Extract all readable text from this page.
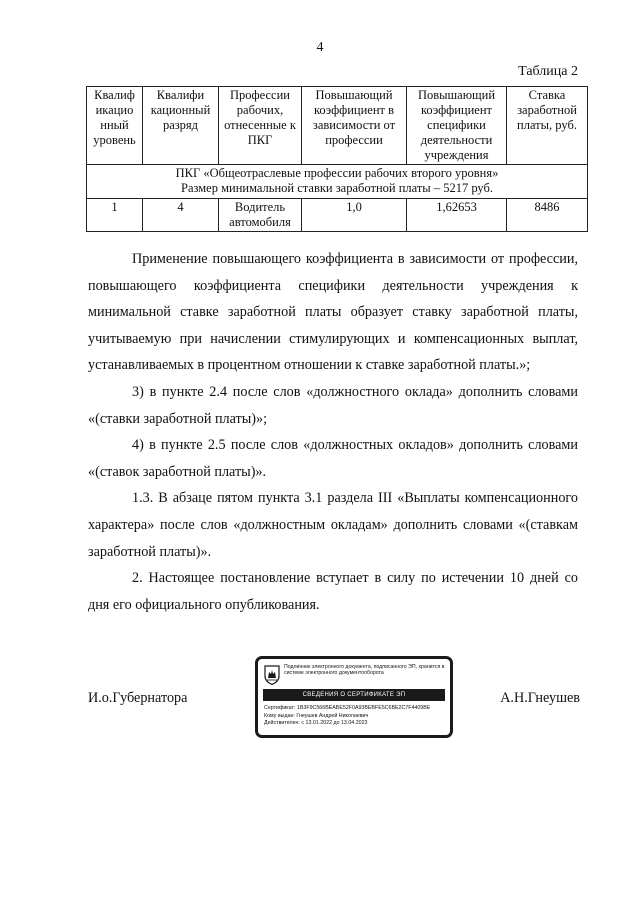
4
Таблица 2
Квалиф икацио нный уровень	Квалифи кационный разряд	Профессии рабочих, отнесенные к ПКГ	Повышающий коэффициент в зависимости от профессии	Повышающий коэффициент специфики деятельности учреждения	Ставка заработной платы, руб.

ПКГ «Общеотраслевые профессии рабочих второго уровня»
Размер минимальной ставки заработной платы – 5217 руб.					

1	4	Водитель автомобиля	1,0	1,62653	8486

Применение повышающего коэффициента в зависимости от профессии, повышающего коэффициента специфики деятельности учреждения к минимальной ставке заработной платы образует ставку заработной платы, учитываемую при начислении стимулирующих и компенсационных выплат, устанавливаемых в процентном отношении к ставке заработной платы.»;

3) в пункте 2.4 после слов «должностного оклада» дополнить словами «(ставки заработной платы)»;

4) в пункте 2.5 после слов «должностных окладов» дополнить словами «(ставок заработной платы)».

1.3. В абзаце пятом пункта 3.1 раздела III «Выплаты компенсационного характера» после слов «должностным окладам» дополнить словами «(ставкам заработной платы)».

2. Настоящее постановление вступает в силу по истечении 10 дней со дня его официального опубликования.

И.о.Губернатора
Подлинник электронного документа, подписанного ЭП, хранится в системе электронного документооборота
СВЕДЕНИЯ О СЕРТИФИКАТЕ ЭП
Сертификат: 1B3F9C566BEABE52F0A93BEBFE5C6BE2C7F4409BE
Кому выдан: Гнеушев Андрей Николаевич
Действителен: с 13.01.2022 до 13.04.2023
А.Н.Гнеушев
